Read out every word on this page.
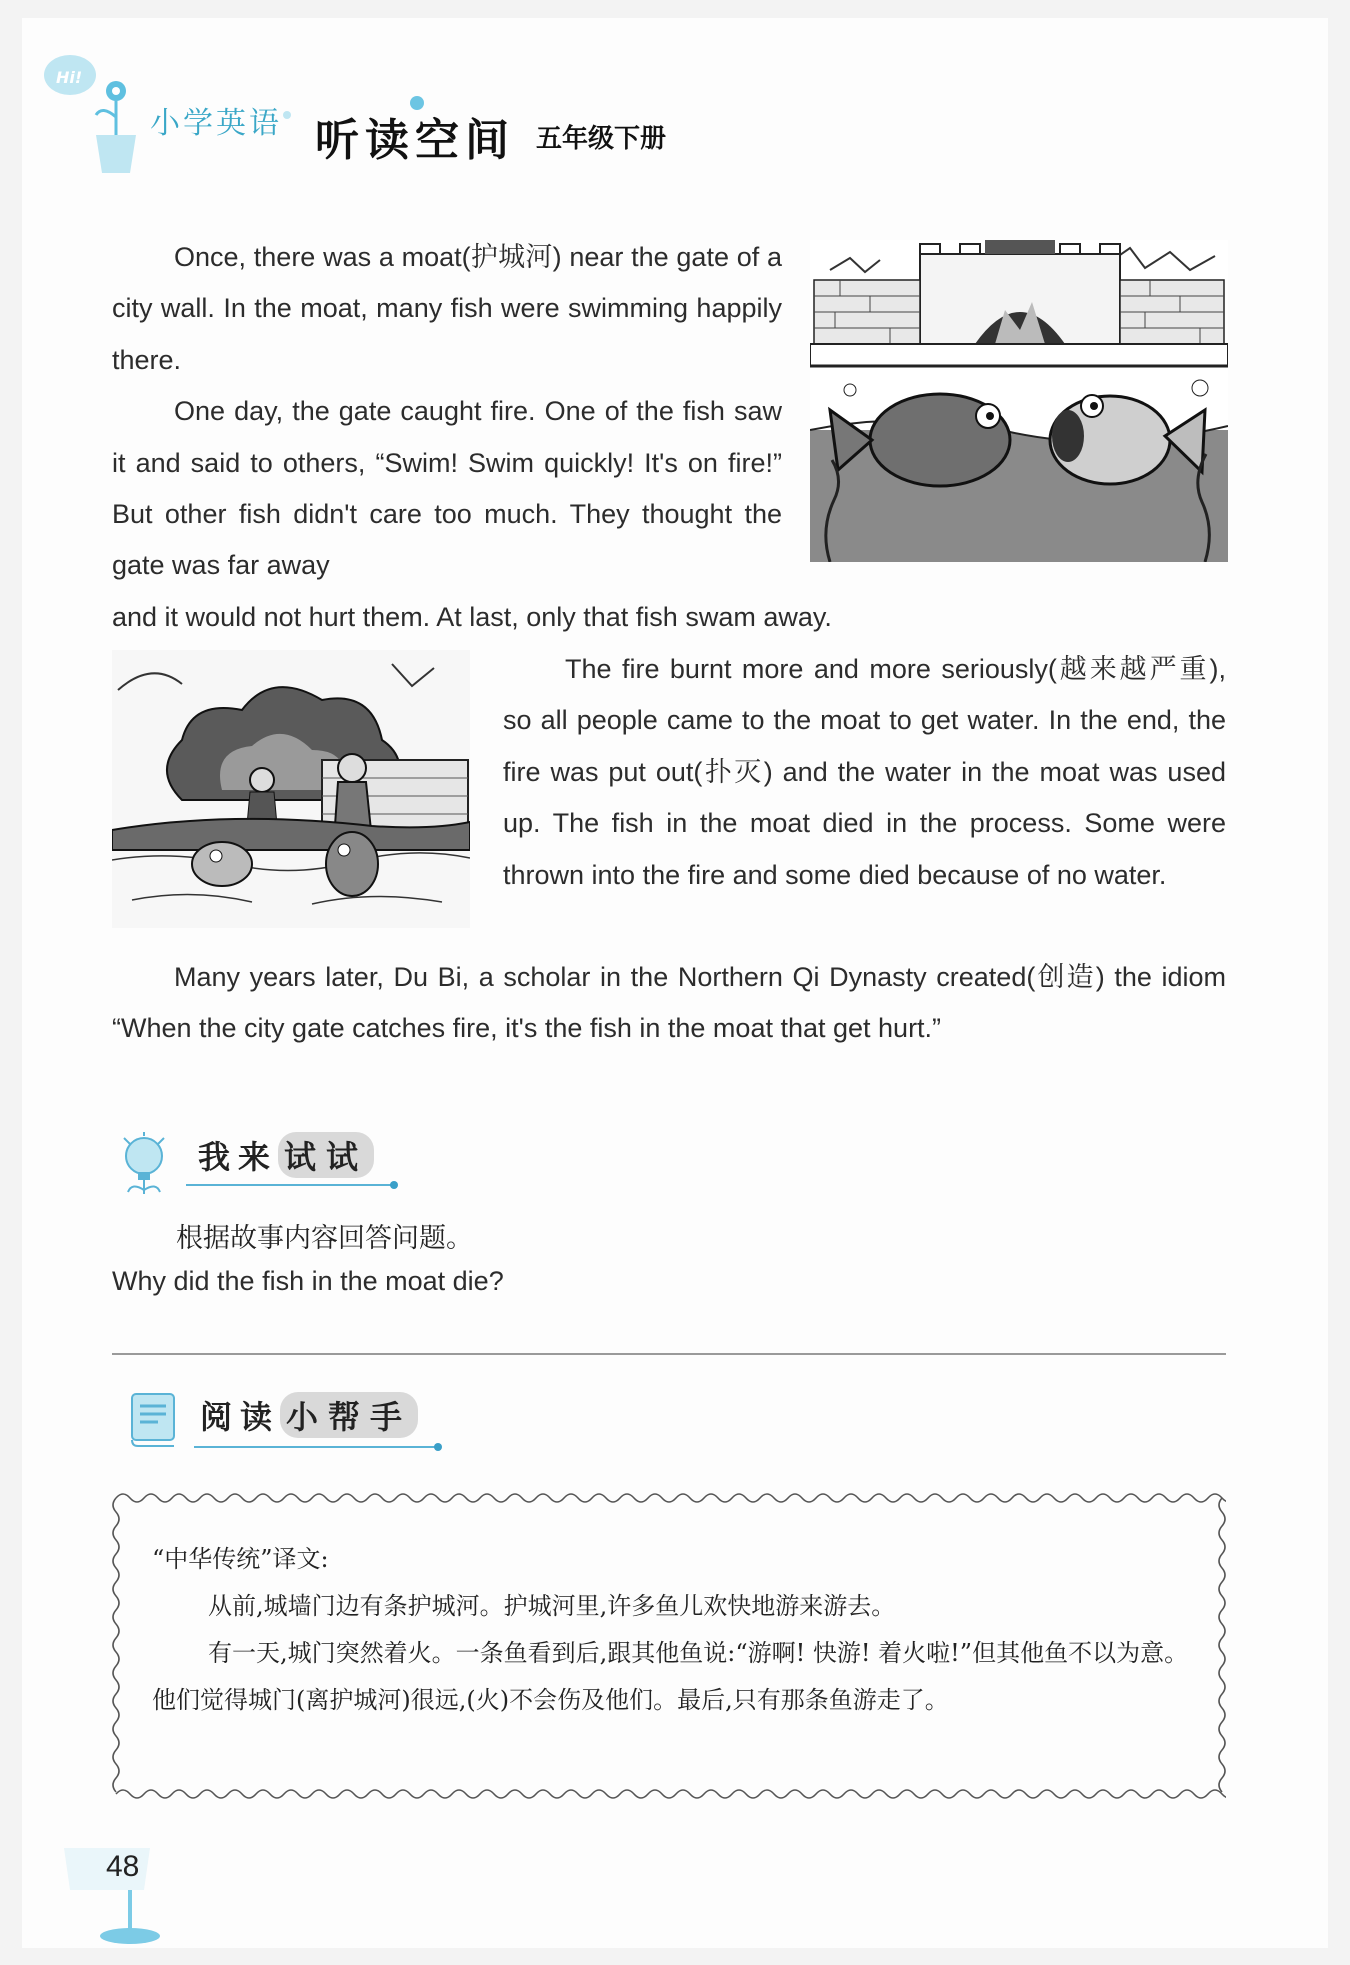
Hi!
小学英语 听读空间 五年级下册

Once, there was a moat(护城河) near the gate of a city wall. In the moat, many fish were swimming happily there.

One day, the gate caught fire. One of the fish saw it and said to others, “Swim! Swim quickly! It's on fire!” But other fish didn't care too much. They thought the gate was far away

and it would not hurt them. At last, only that fish swam away.

The fire burnt more and more seriously(越来越严重), so all people came to the moat to get water. In the end, the fire was put out(扑灭) and the water in the moat was used up. The fish in the moat died in the process. Some were thrown into the fire and some died because of no water.

Many years later, Du Bi, a scholar in the Northern Qi Dynasty created(创造) the idiom “When the city gate catches fire, it's the fish in the moat that get hurt.”

我来 试试
根据故事内容回答问题。
Why did the fish in the moat die?
阅读 小帮手

“中华传统”译文:

从前,城墙门边有条护城河。护城河里,许多鱼儿欢快地游来游去。

有一天,城门突然着火。一条鱼看到后,跟其他鱼说:“游啊! 快游! 着火啦!”但其他鱼不以为意。他们觉得城门(离护城河)很远,(火)不会伤及他们。最后,只有那条鱼游走了。

48
